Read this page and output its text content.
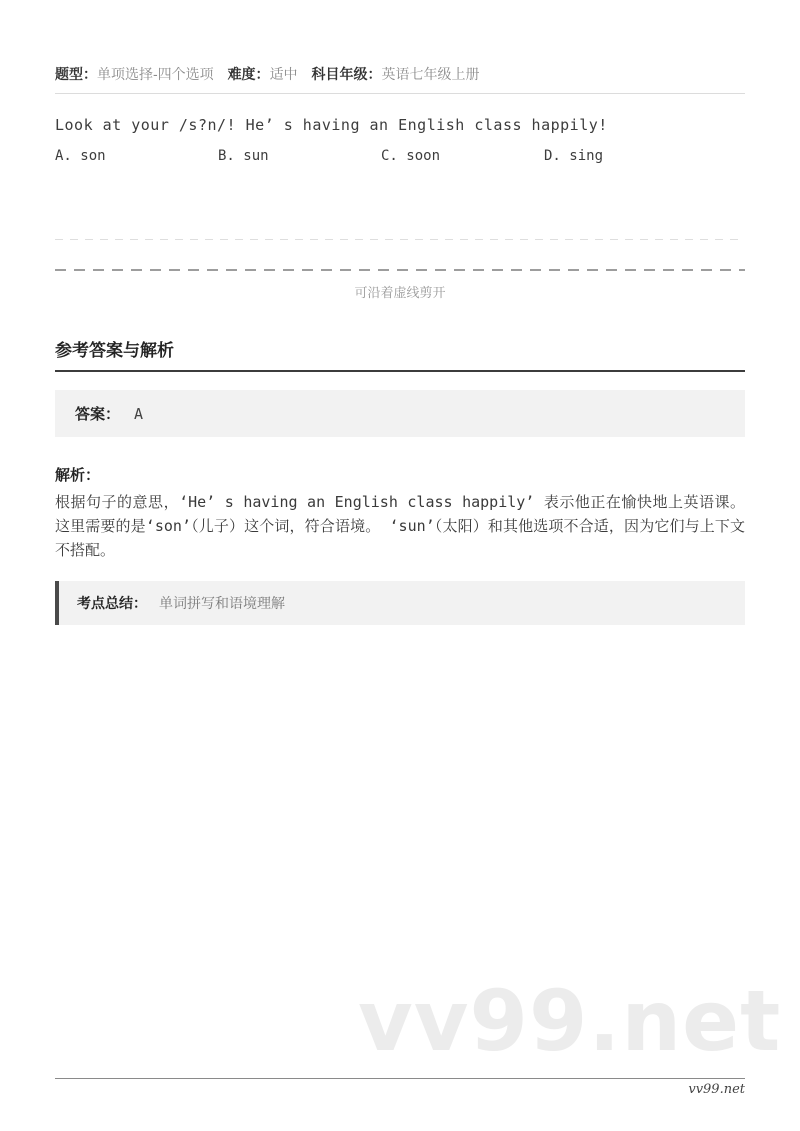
题型：单项选择-四个选项 难度：适中 科目年级：英语七年级上册
Look at your /s?n/! He’ s having an English class happily!
A. son	B. sun	C. soon	D. sing
可沿着虚线剪开
参考答案与解析
答案： A
解析：
根据句子的意思，‘He’ s having an English class happily’ 表示他正在愉快地上英语课。这里需要的是‘son’（儿子）这个词，符合语境。 ‘sun’（太阳）和其他选项不合适，因为它们与上下文不搭配。
考点总结： 单词拼写和语境理解
vv99.net
vv99.net
